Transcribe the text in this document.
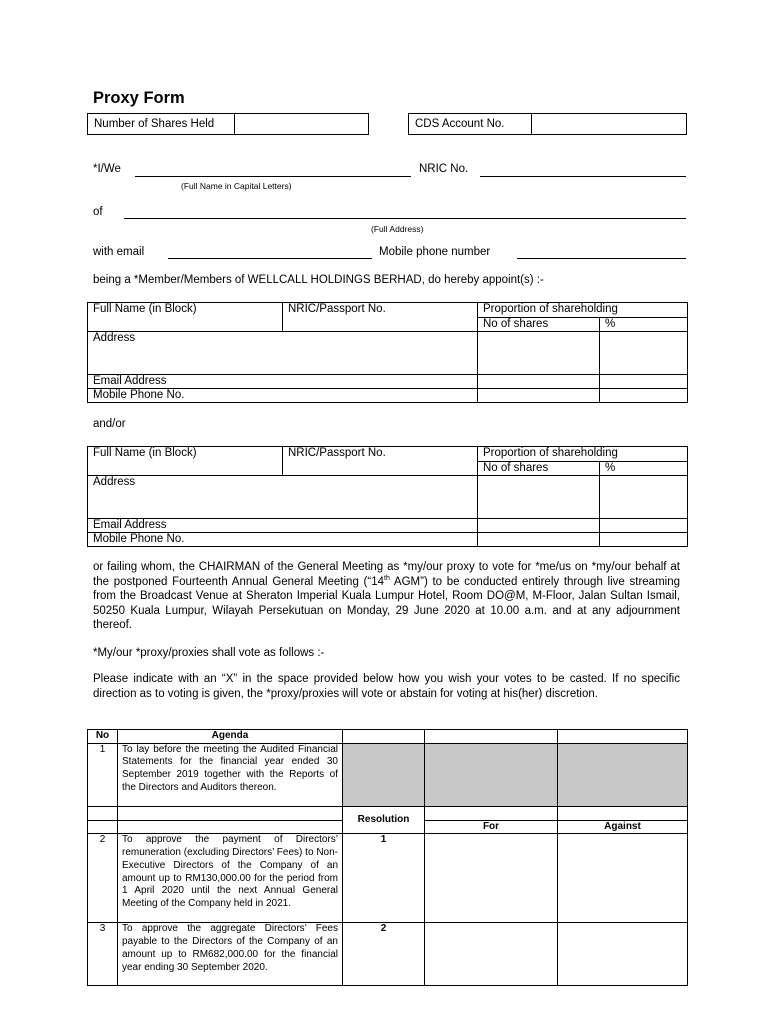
Proxy Form
Number of Shares Held	CDS Account No.
*I/We	NRIC No.
(Full Name in Capital Letters)
of
(Full Address)
with email	Mobile phone number
being a *Member/Members of WELLCALL HOLDINGS BERHAD, do hereby appoint(s) :-
Full Name (in Block)	NRIC/Passport No.	Proportion of shareholding	
		No of shares	%
Address			
Email Address			
Mobile Phone No.			
and/or
Full Name (in Block)	NRIC/Passport No.	Proportion of shareholding	
		No of shares	%
Address			
Email Address			
Mobile Phone No.			
or failing whom, the CHAIRMAN of the General Meeting as *my/our proxy to vote for *me/us on *my/our behalf at the postponed Fourteenth Annual General Meeting (“14th AGM”) to be conducted entirely through live streaming from the Broadcast Venue at Sheraton Imperial Kuala Lumpur Hotel, Room DO@M, M-Floor, Jalan Sultan Ismail, 50250 Kuala Lumpur, Wilayah Persekutuan on Monday, 29 June 2020 at 10.00 a.m. and at any adjournment thereof.
*My/our *proxy/proxies shall vote as follows :-
Please indicate with an “X” in the space provided below how you wish your votes to be casted. If no specific direction as to voting is given, the *proxy/proxies will vote or abstain for voting at his(her) discretion.
No	Agenda			
1	To lay before the meeting the Audited Financial Statements for the financial year ended 30 September 2019 together with the Reports of the Directors and Auditors thereon.			
		Resolution		
			For	Against
2	To approve the payment of Directors’ remuneration (excluding Directors’ Fees) to Non- Executive Directors of the Company of an amount up to RM130,000.00 for the period from 1 April 2020 until the next Annual General Meeting of the Company held in 2021.	1		
3	To approve the aggregate Directors’ Fees payable to the Directors of the Company of an amount up to RM682,000.00 for the financial year ending 30 September 2020.	2		
